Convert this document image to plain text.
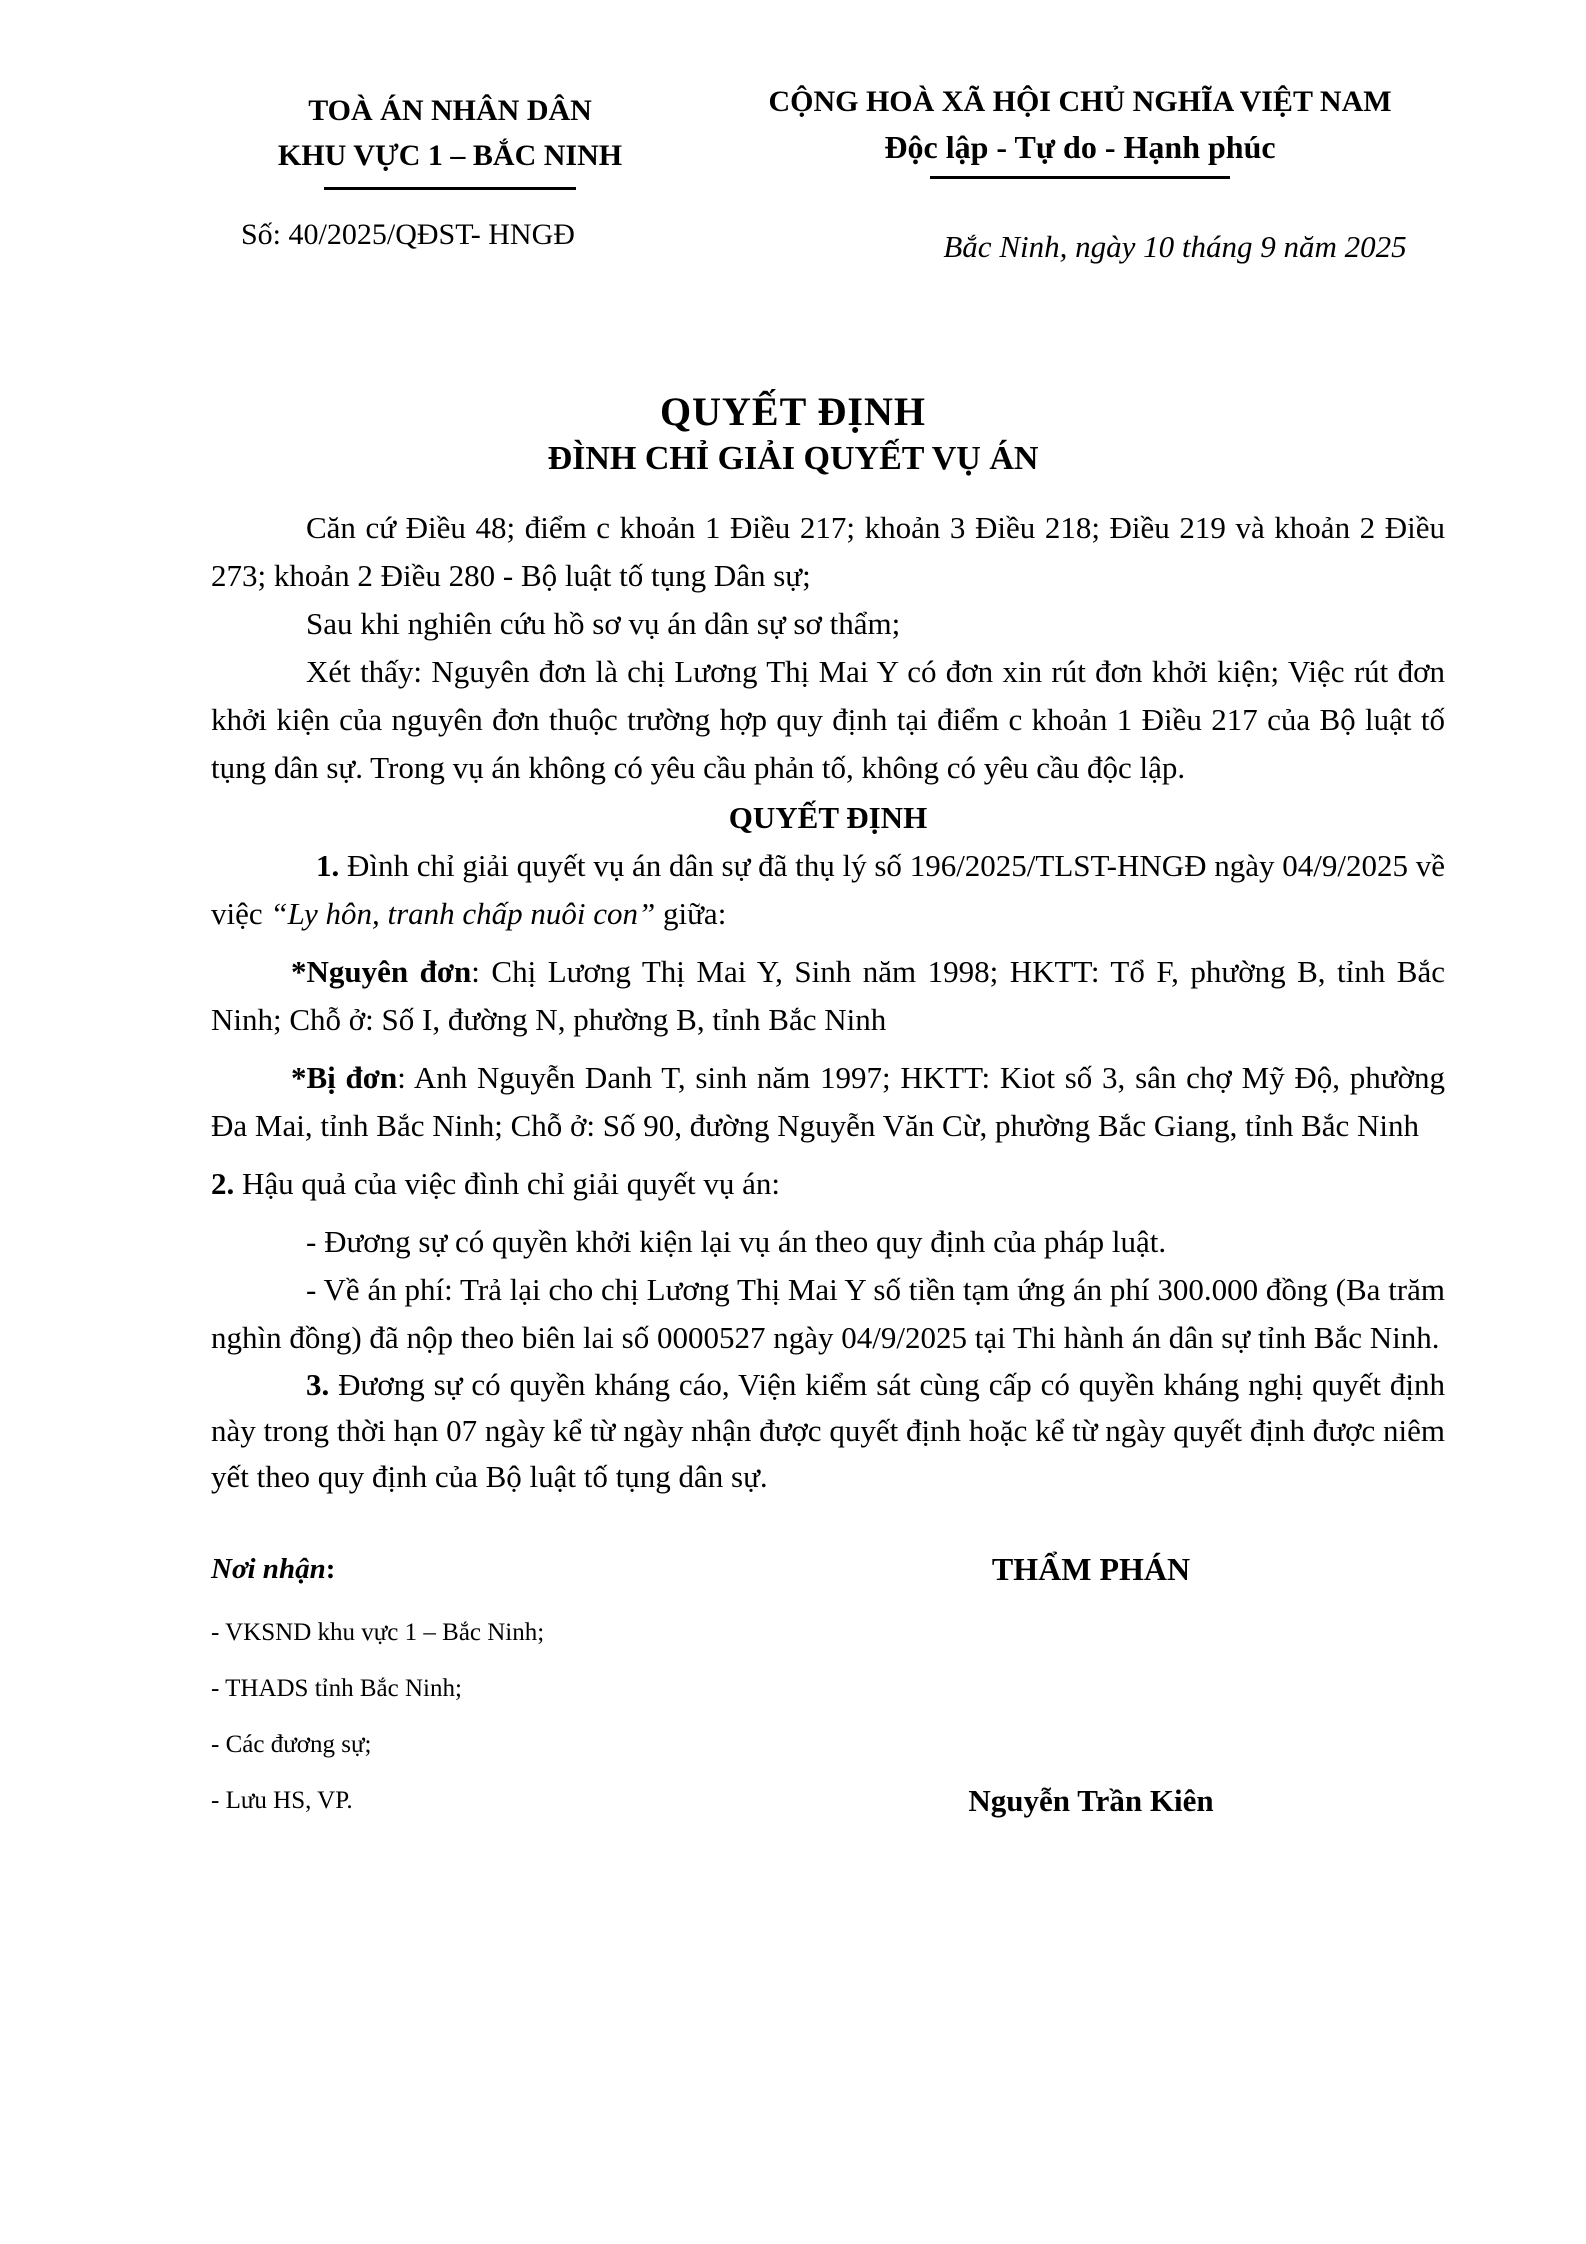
TOÀ ÁN NHÂN DÂN
KHU VỰC 1 – BẮC NINH
Số: 40/2025/QĐST- HNGĐ
CỘNG HOÀ XÃ HỘI CHỦ NGHĨA VIỆT NAM
Độc lập - Tự do - Hạnh phúc
Bắc Ninh, ngày 10 tháng 9 năm 2025
QUYẾT ĐỊNH
ĐÌNH CHỈ GIẢI QUYẾT VỤ ÁN

Căn cứ Điều 48; điểm c khoản 1 Điều 217; khoản 3 Điều 218; Điều 219 và khoản 2 Điều 273; khoản 2 Điều 280 - Bộ luật tố tụng Dân sự;

Sau khi nghiên cứu hồ sơ vụ án dân sự sơ thẩm;

Xét thấy: Nguyên đơn là chị Lương Thị Mai Y có đơn xin rút đơn khởi kiện; Việc rút đơn khởi kiện của nguyên đơn thuộc trường hợp quy định tại điểm c khoản 1 Điều 217 của Bộ luật tố tụng dân sự. Trong vụ án không có yêu cầu phản tố, không có yêu cầu độc lập.

QUYẾT ĐỊNH

1. Đình chỉ giải quyết vụ án dân sự đã thụ lý số 196/2025/TLST-HNGĐ ngày 04/9/2025 về việc “Ly hôn, tranh chấp nuôi con” giữa:

*Nguyên đơn: Chị Lương Thị Mai Y, Sinh năm 1998; HKTT: Tổ F, phường B, tỉnh Bắc Ninh; Chỗ ở: Số I, đường N, phường B, tỉnh Bắc Ninh

*Bị đơn: Anh Nguyễn Danh T, sinh năm 1997; HKTT: Kiot số 3, sân chợ Mỹ Độ, phường Đa Mai, tỉnh Bắc Ninh; Chỗ ở: Số 90, đường Nguyễn Văn Cừ, phường Bắc Giang, tỉnh Bắc Ninh

2. Hậu quả của việc đình chỉ giải quyết vụ án:

- Đương sự có quyền khởi kiện lại vụ án theo quy định của pháp luật.

- Về án phí: Trả lại cho chị Lương Thị Mai Y số tiền tạm ứng án phí 300.000 đồng (Ba trăm nghìn đồng) đã nộp theo biên lai số 0000527 ngày 04/9/2025 tại Thi hành án dân sự tỉnh Bắc Ninh.

3. Đương sự có quyền kháng cáo, Viện kiểm sát cùng cấp có quyền kháng nghị quyết định này trong thời hạn 07 ngày kể từ ngày nhận được quyết định hoặc kể từ ngày quyết định được niêm yết theo quy định của Bộ luật tố tụng dân sự.

Nơi nhận:	THẨM PHÁN
Nguyễn Trần Kiên
- VKSND khu vực 1 – Bắc Ninh;
- THADS tỉnh Bắc Ninh;
- Các đương sự;
- Lưu HS, VP.
